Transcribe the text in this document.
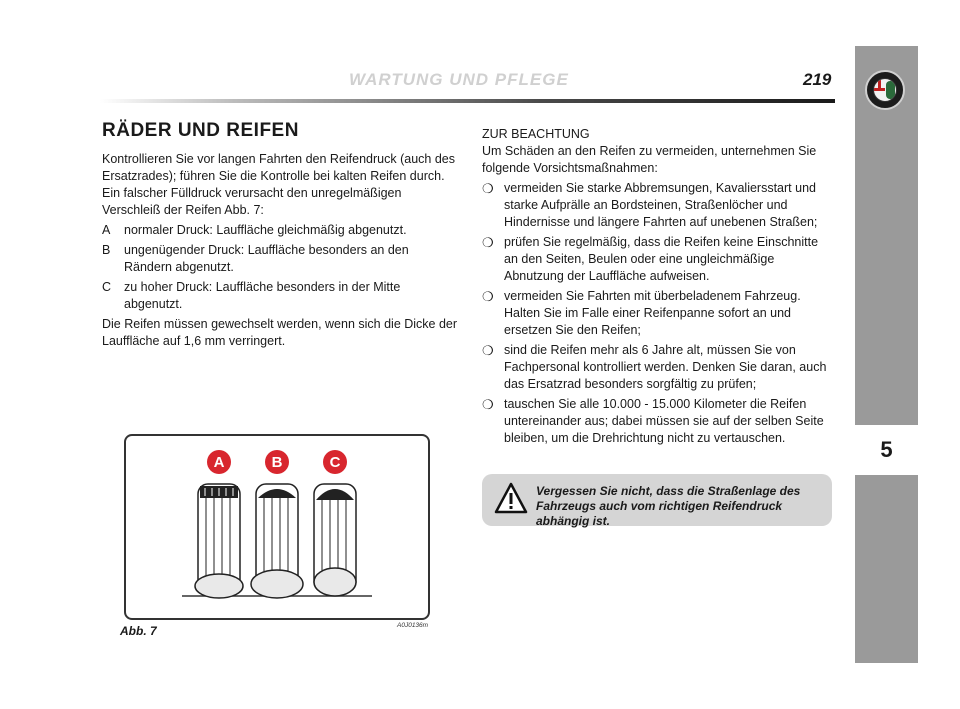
5
WARTUNG UND PFLEGE	219
RÄDER UND REIFEN

Kontrollieren Sie vor langen Fahrten den Reifendruck (auch des Ersatzrades); führen Sie die Kontrolle bei kalten Reifen durch.

Ein falscher Fülldruck verursacht den unregelmäßigen Verschleiß der Reifen Abb. 7:

A	normaler Druck: Lauffläche gleichmäßig abgenutzt.
B	ungenügender Druck: Lauffläche besonders an den Rändern abgenutzt.
C	zu hoher Druck: Lauffläche besonders in der Mitte abgenutzt.

Die Reifen müssen gewechselt werden, wenn sich die Dicke der Lauffläche auf 1,6 mm verringert.

A	B	C
Abb. 7	A0J0136m

ZUR BEACHTUNG

Um Schäden an den Reifen zu vermeiden, unternehmen Sie folgende Vorsichtsmaßnahmen:

❍ vermeiden Sie starke Abbremsungen, Kavaliersstart und starke Aufprälle an Bordsteinen, Straßenlöcher und Hindernisse und längere Fahrten auf unebenen Straßen;
❍ prüfen Sie regelmäßig, dass die Reifen keine Einschnitte an den Seiten, Beulen oder eine ungleichmäßige Abnutzung der Lauffläche aufweisen.
❍ vermeiden Sie Fahrten mit überbeladenem Fahrzeug. Halten Sie im Falle einer Reifenpanne sofort an und ersetzen Sie den Reifen;
❍ sind die Reifen mehr als 6 Jahre alt, müssen Sie von Fachpersonal kontrolliert werden. Denken Sie daran, auch das Ersatzrad besonders sorgfältig zu prüfen;
❍ tauschen Sie alle 10.000 - 15.000 Kilometer die Reifen untereinander aus; dabei müssen sie auf der selben Seite bleiben, um die Drehrichtung nicht zu vertauschen.
Vergessen Sie nicht, dass die Straßenlage des Fahrzeugs auch vom richtigen Reifendruck abhängig ist.
